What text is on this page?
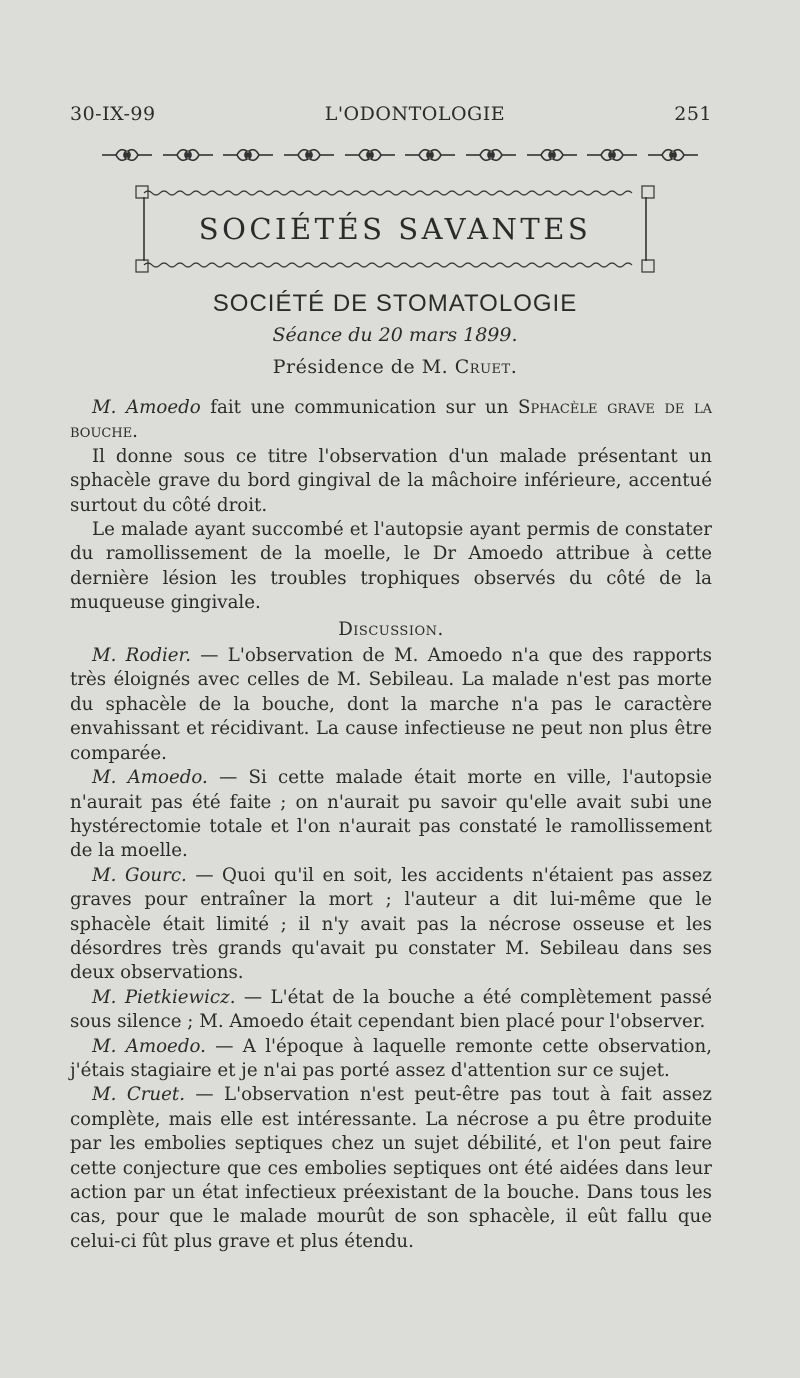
30-IX-99	L'ODONTOLOGIE	251
SOCIÉTÉS SAVANTES
SOCIÉTÉ DE STOMATOLOGIE
Séance du 20 mars 1899.
Présidence de M. Cruet.

M. Amoedo fait une communication sur un Sphacèle grave de la bouche.

Il donne sous ce titre l'observation d'un malade présentant un sphacèle grave du bord gingival de la mâchoire inférieure, accentué surtout du côté droit.

Le malade ayant succombé et l'autopsie ayant permis de constater du ramollissement de la moelle, le Dr Amoedo attribue à cette dernière lésion les troubles trophiques observés du côté de la muqueuse gingivale.

Discussion.

M. Rodier. — L'observation de M. Amoedo n'a que des rapports très éloignés avec celles de M. Sebileau. La malade n'est pas morte du sphacèle de la bouche, dont la marche n'a pas le caractère envahissant et récidivant. La cause infectieuse ne peut non plus être comparée.

M. Amoedo. — Si cette malade était morte en ville, l'autopsie n'aurait pas été faite ; on n'aurait pu savoir qu'elle avait subi une hystérectomie totale et l'on n'aurait pas constaté le ramollissement de la moelle.

M. Gourc. — Quoi qu'il en soit, les accidents n'étaient pas assez graves pour entraîner la mort ; l'auteur a dit lui-même que le sphacèle était limité ; il n'y avait pas la nécrose osseuse et les désordres très grands qu'avait pu constater M. Sebileau dans ses deux observations.

M. Pietkiewicz. — L'état de la bouche a été complètement passé sous silence ; M. Amoedo était cependant bien placé pour l'observer.

M. Amoedo. — A l'époque à laquelle remonte cette observation, j'étais stagiaire et je n'ai pas porté assez d'attention sur ce sujet.

M. Cruet. — L'observation n'est peut-être pas tout à fait assez complète, mais elle est intéressante. La nécrose a pu être produite par les embolies septiques chez un sujet débilité, et l'on peut faire cette conjecture que ces embolies septiques ont été aidées dans leur action par un état infectieux préexistant de la bouche. Dans tous les cas, pour que le malade mourût de son sphacèle, il eût fallu que celui-ci fût plus grave et plus étendu.
